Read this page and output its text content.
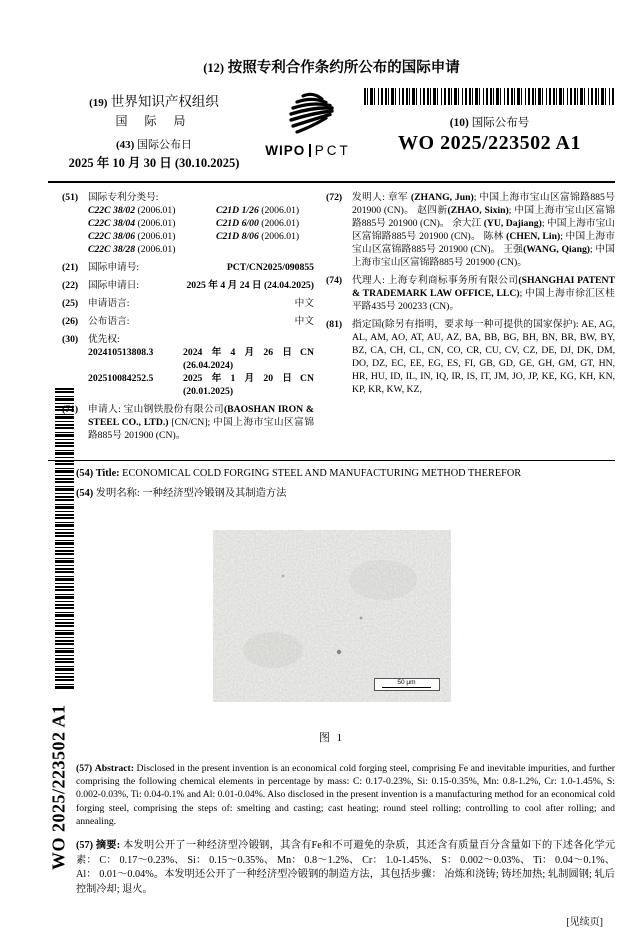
WO 2025/223502 A1
(12) 按照专利合作条约所公布的国际申请
(19) 世界知识产权组织
国 际 局
(43) 国际公布日
2025 年 10 月 30 日 (30.10.2025)
WIPO PCT
(10) 国际公布号
WO 2025/223502 A1
(51)	国际专利分类号:
C22C 38/02 (2006.01)	C21D 1/26 (2006.01)
C22C 38/04 (2006.01)	C21D 6/00 (2006.01)
C22C 38/06 (2006.01)	C21D 8/06 (2006.01)
C22C 38/28 (2006.01)
(21)	国际申请号:	PCT/CN2025/090855
(22)	国际申请日:	2025 年 4 月 24 日 (24.04.2025)
(25)	申请语言:	中文
(26)	公布语言:	中文
(30)	优先权:
202410513808.3	2024年4月26日 (26.04.2024)
CN
202510084252.5	2025年1月20日 (20.01.2025)
CN
(71)	申请人: 宝山钢铁股份有限公司(BAOSHAN IRON & STEEL CO., LTD.) [CN/CN]; 中国上海市宝山区富锦路885号 201900 (CN)。
(72)	发明人: 章军 (ZHANG, Jun); 中国上海市宝山区富锦路885号 201900 (CN)。 赵四新(ZHAO, Sixin); 中国上海市宝山区富锦路885号 201900 (CN)。 余大江 (YU, Dajiang); 中国上海市宝山区富锦路885号 201900 (CN)。 陈林 (CHEN, Lin); 中国上海市宝山区富锦路885号 201900 (CN)。 王强(WANG, Qiang); 中国上海市宝山区富锦路885号 201900 (CN)。
(74)	代理人: 上海专利商标事务所有限公司(SHANGHAI PATENT & TRADEMARK LAW OFFICE, LLC); 中国上海市徐汇区桂平路435号 200233 (CN)。
(81)	指定国(除另有指明，要求每一种可提供的国家保护): AE, AG, AL, AM, AO, AT, AU, AZ, BA, BB, BG, BH, BN, BR, BW, BY, BZ, CA, CH, CL, CN, CO, CR, CU, CV, CZ, DE, DJ, DK, DM, DO, DZ, EC, EE, EG, ES, FI, GB, GD, GE, GH, GM, GT, HN, HR, HU, ID, IL, IN, IQ, IR, IS, IT, JM, JO, JP, KE, KG, KH, KN, KP, KR, KW, KZ,
(54) Title: ECONOMICAL COLD FORGING STEEL AND MANUFACTURING METHOD THEREFOR
(54) 发明名称: 一种经济型冷锻钢及其制造方法
50 μm
图 1

(57) Abstract: Disclosed in the present invention is an economical cold forging steel, comprising Fe and inevitable impurities, and further comprising the following chemical elements in percentage by mass: C: 0.17-0.23%, Si: 0.15-0.35%, Mn: 0.8-1.2%, Cr: 1.0-1.45%, S: 0.002-0.03%, Ti: 0.04-0.1% and Al: 0.01-0.04%. Also disclosed in the present invention is a manufacturing method for an economical cold forging steel, comprising the steps of: smelting and casting; cast heating; round steel rolling; controlling to cool after rolling; and annealing.

(57) 摘要: 本发明公开了一种经济型冷锻钢，其含有Fe和不可避免的杂质，其还含有质量百分含量如下的下述各化学元素： C： 0.17～0.23%、 Si： 0.15～0.35%、 Mn： 0.8～1.2%、 Cr： 1.0-1.45%、 S： 0.002～0.03%、 Ti： 0.04～0.1%、 Al： 0.01～0.04%。本发明还公开了一种经济型冷锻钢的制造方法，其包括步骤： 冶炼和浇铸; 铸坯加热; 轧制圆钢; 轧后控制冷却; 退火。

[见续页]
